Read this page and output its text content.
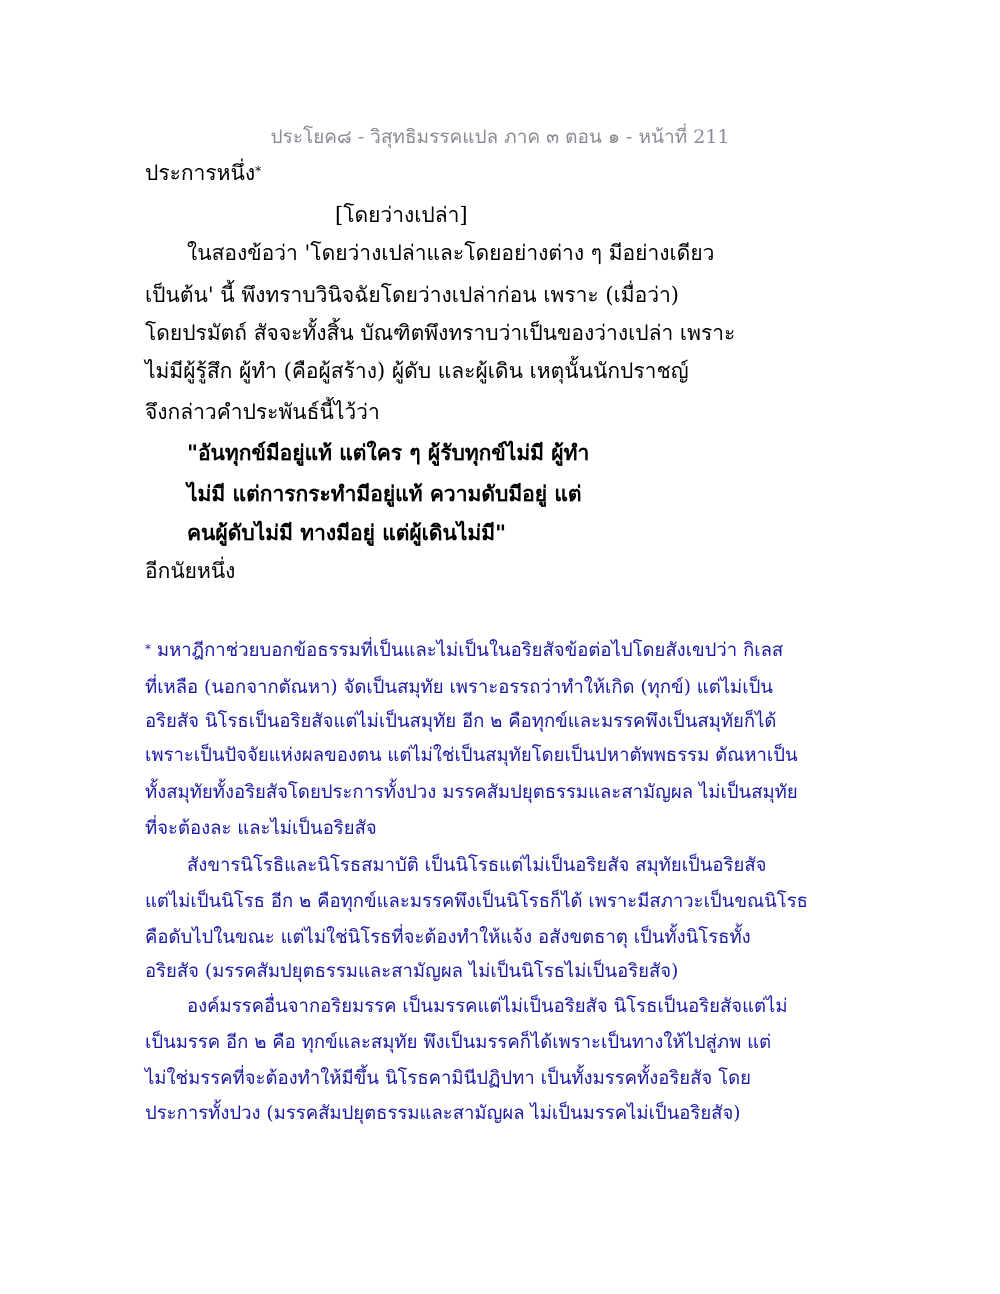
ประโยค๘ - วิสุทธิมรรคแปล ภาค ๓ ตอน ๑ - หน้าที่ 211
ประการหนึ่ง*
[โดยว่างเปล่า]
ในสองข้อว่า 'โดยว่างเปล่าและโดยอย่างต่าง ๆ มีอย่างเดียว
เป็นต้น' นี้ พึงทราบวินิจฉัยโดยว่างเปล่าก่อน เพราะ (เมื่อว่า)
โดยปรมัตถ์ สัจจะทั้งสิ้น บัณฑิตพึงทราบว่าเป็นของว่างเปล่า เพราะ
ไม่มีผู้รู้สึก ผู้ทำ (คือผู้สร้าง) ผู้ดับ และผู้เดิน เหตุนั้นนักปราชญ์
จึงกล่าวคำประพันธ์นี้ไว้ว่า
"อันทุกข์มีอยู่แท้ แต่ใคร ๆ ผู้รับทุกข์ไม่มี ผู้ทำ
ไม่มี แต่การกระทำมีอยู่แท้ ความดับมีอยู่ แต่
คนผู้ดับไม่มี ทางมีอยู่ แต่ผู้เดินไม่มี"
อีกนัยหนึ่ง
* มหาฎีกาช่วยบอกข้อธรรมที่เป็นและไม่เป็นในอริยสัจข้อต่อไปโดยสังเขปว่า กิเลส
ที่เหลือ (นอกจากตัณหา) จัดเป็นสมุทัย เพราะอรรถว่าทำให้เกิด (ทุกข์) แต่ไม่เป็น
อริยสัจ นิโรธเป็นอริยสัจแต่ไม่เป็นสมุทัย อีก ๒ คือทุกข์และมรรคพึงเป็นสมุทัยก็ได้
เพราะเป็นปัจจัยแห่งผลของตน แต่ไม่ใช่เป็นสมุทัยโดยเป็นปหาตัพพธรรม ตัณหาเป็น
ทั้งสมุทัยทั้งอริยสัจโดยประการทั้งปวง มรรคสัมปยุตธรรมและสามัญผล ไม่เป็นสมุทัย
ที่จะต้องละ และไม่เป็นอริยสัจ
สังขารนิโรธิและนิโรธสมาบัติ เป็นนิโรธแต่ไม่เป็นอริยสัจ สมุทัยเป็นอริยสัจ
แต่ไม่เป็นนิโรธ อีก ๒ คือทุกข์และมรรคพึงเป็นนิโรธก็ได้ เพราะมีสภาวะเป็นขณนิโรธ
คือดับไปในขณะ แต่ไม่ใช่นิโรธที่จะต้องทำให้แจ้ง อสังขตธาตุ เป็นทั้งนิโรธทั้ง
อริยสัจ (มรรคสัมปยุตธรรมและสามัญผล ไม่เป็นนิโรธไม่เป็นอริยสัจ)
องค์มรรคอื่นจากอริยมรรค เป็นมรรคแต่ไม่เป็นอริยสัจ นิโรธเป็นอริยสัจแต่ไม่
เป็นมรรค อีก ๒ คือ ทุกข์และสมุทัย พึงเป็นมรรคก็ได้เพราะเป็นทางให้ไปสู่ภพ แต่
ไม่ใช่มรรคที่จะต้องทำให้มีขึ้น นิโรธคามินีปฏิปทา เป็นทั้งมรรคทั้งอริยสัจ โดย
ประการทั้งปวง (มรรคสัมปยุตธรรมและสามัญผล ไม่เป็นมรรคไม่เป็นอริยสัจ)
